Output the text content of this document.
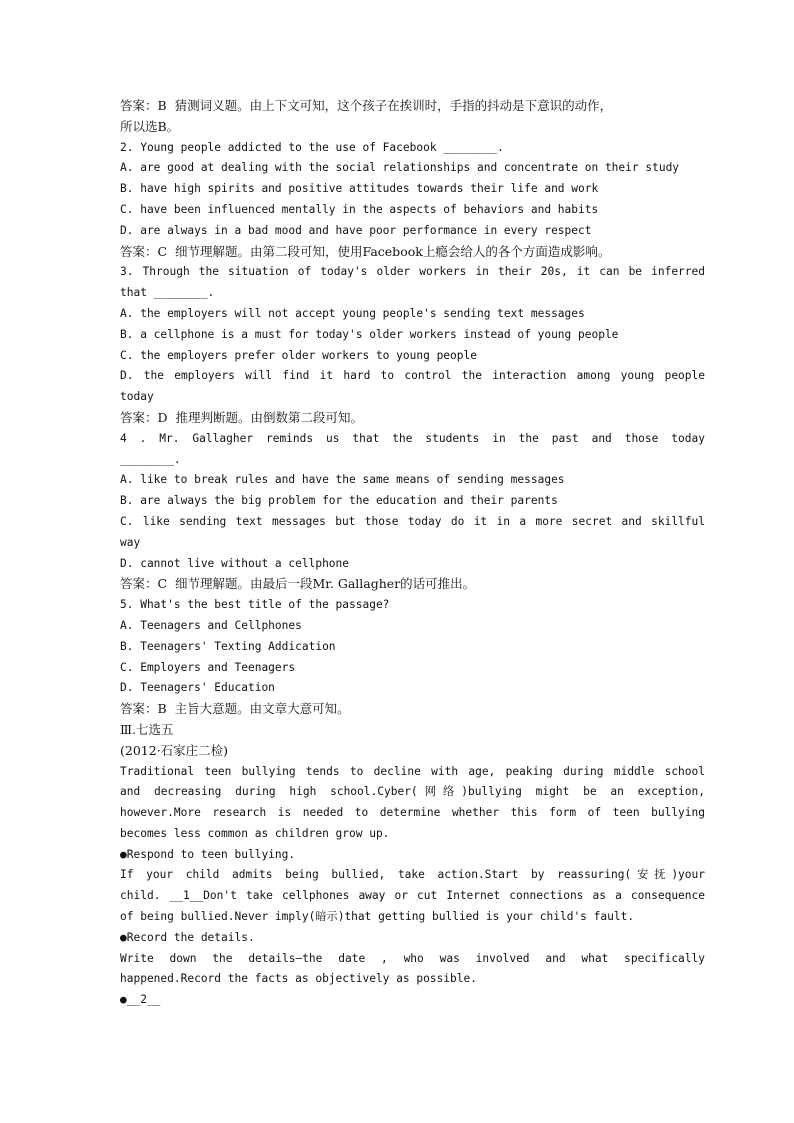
答案：B  猜测词义题。由上下文可知，这个孩子在挨训时，手指的抖动是下意识的动作，
所以选B。
2. Young people addicted to the use of Facebook ________.
A. are good at dealing with the social relationships and concentrate on their study
B. have high spirits and positive attitudes towards their life and work
C. have been influenced mentally in the aspects of behaviors and habits
D. are always in a bad mood and have poor performance in every respect
答案：C  细节理解题。由第二段可知，使用Facebook上瘾会给人的各个方面造成影响。
3. Through the situation of today's older workers in their 20s, it can be inferred
that ________.
A. the employers will not accept young people's sending text messages
B. a cellphone is a must for today's older workers instead of young people
C. the employers prefer older workers to young people
D. the employers will find it hard to control the interaction among young people
today
答案：D  推理判断题。由倒数第二段可知。
4 . Mr. Gallagher reminds us that the students in the past and those today
________.
A. like to break rules and have the same means of sending messages
B. are always the big problem for the education and their parents
C. like sending text messages but those today do it in a more secret and skillful
way
D. cannot live without a cellphone
答案：C  细节理解题。由最后一段Mr. Gallagher的话可推出。
5. What's the best title of the passage?
A. Teenagers and Cellphones
B. Teenagers' Texting Addication
C. Employers and Teenagers
D. Teenagers' Education
答案：B  主旨大意题。由文章大意可知。
Ⅲ.七选五
(2012·石家庄二检)
Traditional teen bullying tends to decline with age, peaking during middle school
and decreasing during high school.Cyber(网络)bullying might be an exception,
however.More research is needed to determine whether this form of teen bullying
becomes less common as children grow up.
●Respond to teen bullying.
If your child admits being bullied, take action.Start by reassuring(安抚)your
child. __1__Don't take cellphones away or cut Internet connections as a consequence
of being bullied.Never imply(暗示)that getting bullied is your child's fault.
●Record the details.
Write down the details—the date , who was involved and what specifically
happened.Record the facts as objectively as possible.
●__2__
